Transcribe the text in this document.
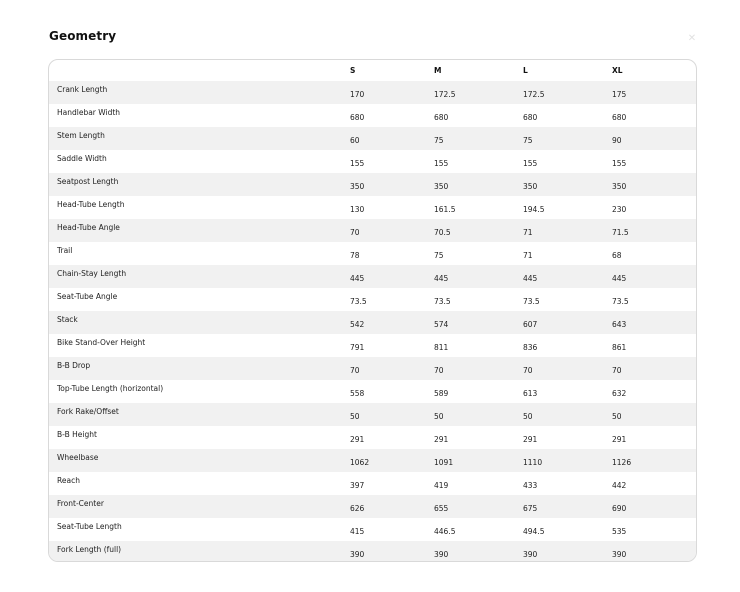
Geometry	✕
	S	M	L	XL
Crank Length	170	172.5	172.5	175
Handlebar Width	680	680	680	680
Stem Length	60	75	75	90
Saddle Width	155	155	155	155
Seatpost Length	350	350	350	350
Head-Tube Length	130	161.5	194.5	230
Head-Tube Angle	70	70.5	71	71.5
Trail	78	75	71	68
Chain-Stay Length	445	445	445	445
Seat-Tube Angle	73.5	73.5	73.5	73.5
Stack	542	574	607	643
Bike Stand-Over Height	791	811	836	861
B-B Drop	70	70	70	70
Top-Tube Length (horizontal)	558	589	613	632
Fork Rake/Offset	50	50	50	50
B-B Height	291	291	291	291
Wheelbase	1062	1091	1110	1126
Reach	397	419	433	442
Front-Center	626	655	675	690
Seat-Tube Length	415	446.5	494.5	535
Fork Length (full)	390	390	390	390
